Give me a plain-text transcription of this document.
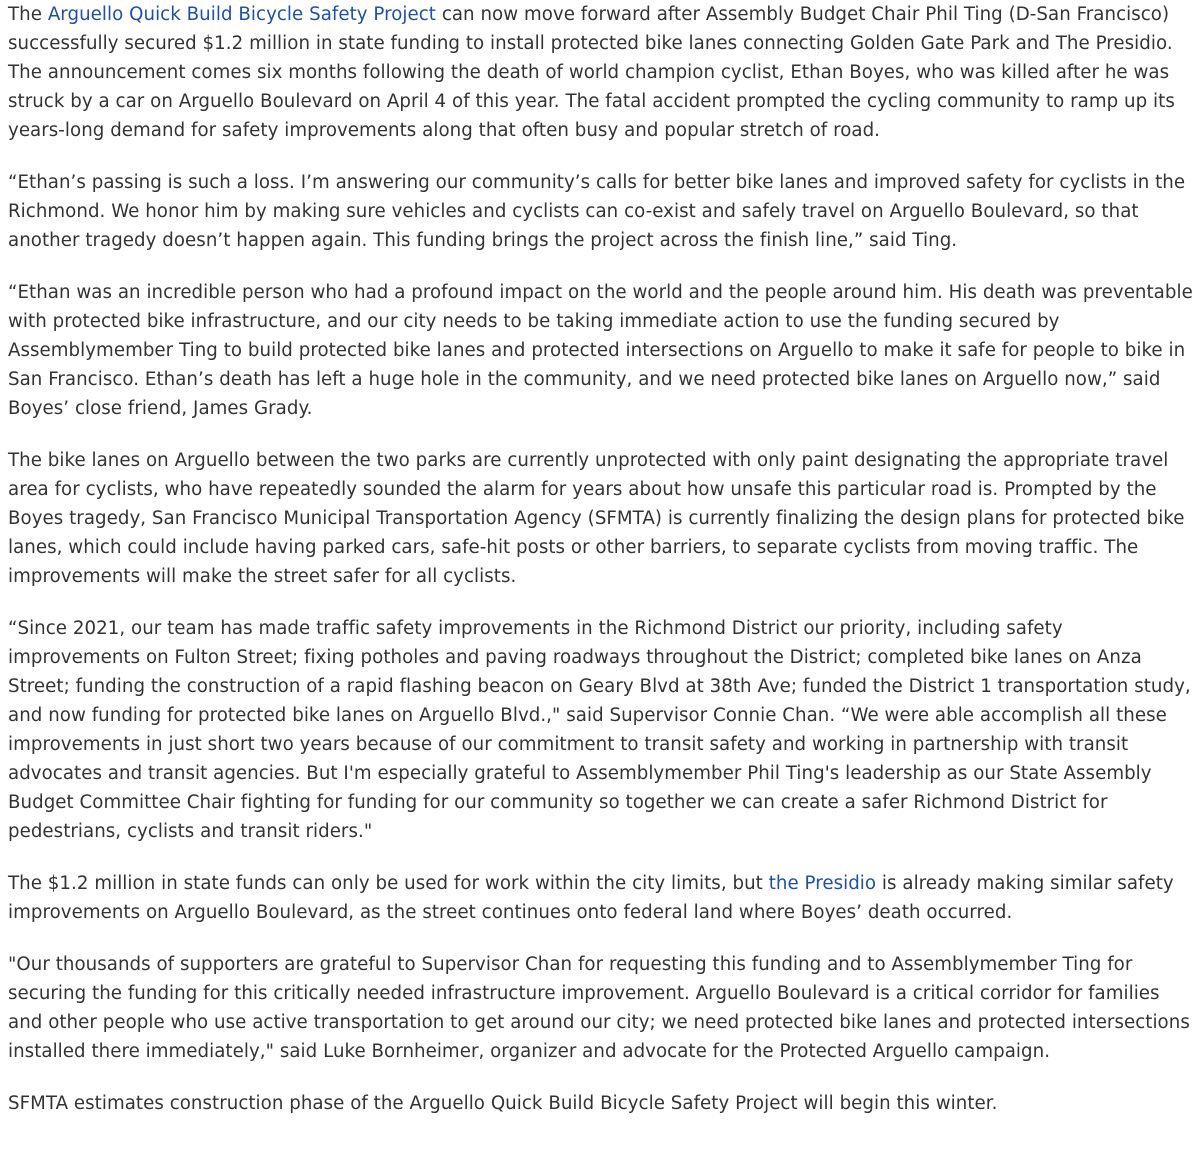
The Arguello Quick Build Bicycle Safety Project can now move forward after Assembly Budget Chair Phil Ting (D-San Francisco) successfully secured $1.2 million in state funding to install protected bike lanes connecting Golden Gate Park and The Presidio. The announcement comes six months following the death of world champion cyclist, Ethan Boyes, who was killed after he was struck by a car on Arguello Boulevard on April 4 of this year. The fatal accident prompted the cycling community to ramp up its years-long demand for safety improvements along that often busy and popular stretch of road.

“Ethan’s passing is such a loss. I’m answering our community’s calls for better bike lanes and improved safety for cyclists in the Richmond. We honor him by making sure vehicles and cyclists can co-exist and safely travel on Arguello Boulevard, so that another tragedy doesn’t happen again. This funding brings the project across the finish line,” said Ting.

“Ethan was an incredible person who had a profound impact on the world and the people around him. His death was preventable with protected bike infrastructure, and our city needs to be taking immediate action to use the funding secured by Assemblymember Ting to build protected bike lanes and protected intersections on Arguello to make it safe for people to bike in San Francisco. Ethan’s death has left a huge hole in the community, and we need protected bike lanes on Arguello now,” said Boyes’ close friend, James Grady.

The bike lanes on Arguello between the two parks are currently unprotected with only paint designating the appropriate travel area for cyclists, who have repeatedly sounded the alarm for years about how unsafe this particular road is. Prompted by the Boyes tragedy, San Francisco Municipal Transportation Agency (SFMTA) is currently finalizing the design plans for protected bike lanes, which could include having parked cars, safe-hit posts or other barriers, to separate cyclists from moving traffic. The improvements will make the street safer for all cyclists.

“Since 2021, our team has made traffic safety improvements in the Richmond District our priority, including safety improvements on Fulton Street; fixing potholes and paving roadways throughout the District; completed bike lanes on Anza Street; funding the construction of a rapid flashing beacon on Geary Blvd at 38th Ave; funded the District 1 transportation study, and now funding for protected bike lanes on Arguello Blvd.," said Supervisor Connie Chan. “We were able accomplish all these improvements in just short two years because of our commitment to transit safety and working in partnership with transit advocates and transit agencies. But I'm especially grateful to Assemblymember Phil Ting's leadership as our State Assembly Budget Committee Chair fighting for funding for our community so together we can create a safer Richmond District for pedestrians, cyclists and transit riders."

The $1.2 million in state funds can only be used for work within the city limits, but the Presidio is already making similar safety improvements on Arguello Boulevard, as the street continues onto federal land where Boyes’ death occurred.

"Our thousands of supporters are grateful to Supervisor Chan for requesting this funding and to Assemblymember Ting for securing the funding for this critically needed infrastructure improvement. Arguello Boulevard is a critical corridor for families and other people who use active transportation to get around our city; we need protected bike lanes and protected intersections installed there immediately," said Luke Bornheimer, organizer and advocate for the Protected Arguello campaign.

SFMTA estimates construction phase of the Arguello Quick Build Bicycle Safety Project will begin this winter.
